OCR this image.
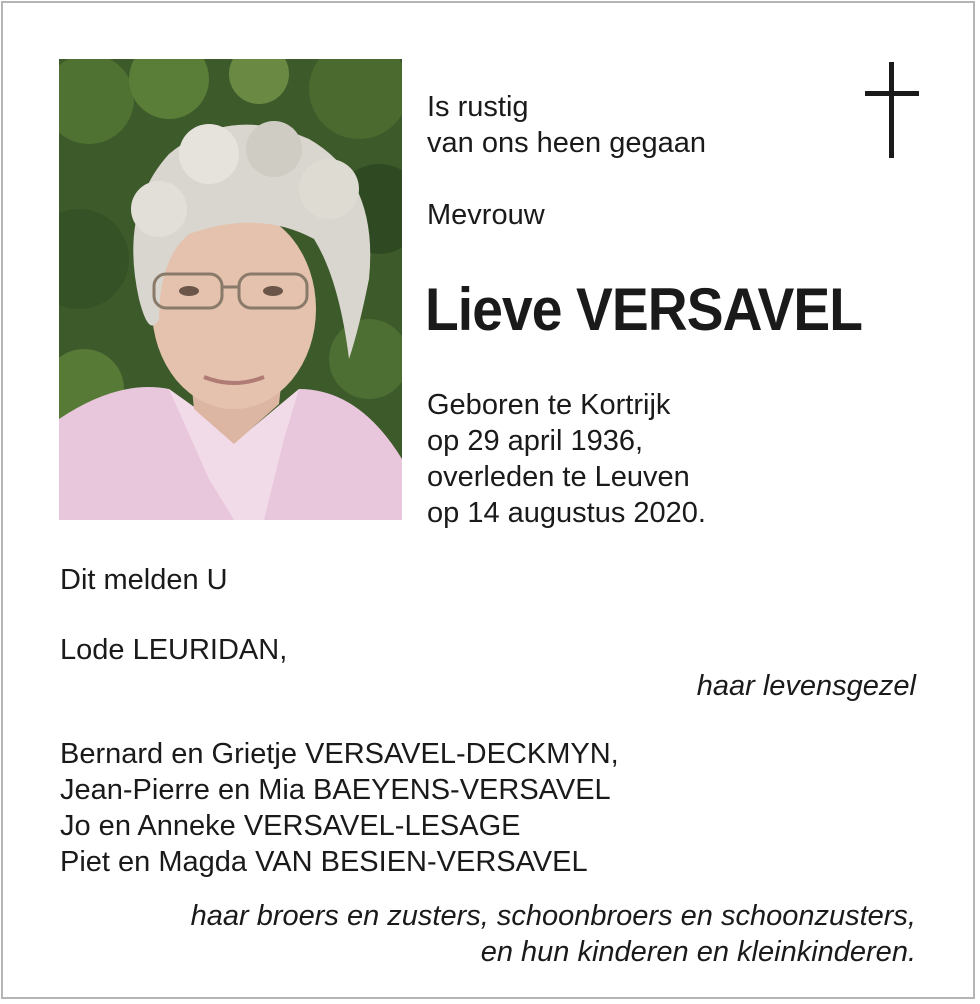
Is rustig
van ons heen gegaan
Mevrouw
Lieve VERSAVEL
Geboren te Kortrijk
op 29 april 1936,
overleden te Leuven
op 14 augustus 2020.
Dit melden U
Lode LEURIDAN,
haar levensgezel
Bernard en Grietje VERSAVEL-DECKMYN,
Jean-Pierre en Mia BAEYENS-VERSAVEL
Jo en Anneke VERSAVEL-LESAGE
Piet en Magda VAN BESIEN-VERSAVEL
haar broers en zusters, schoonbroers en schoonzusters,
en hun kinderen en kleinkinderen.
